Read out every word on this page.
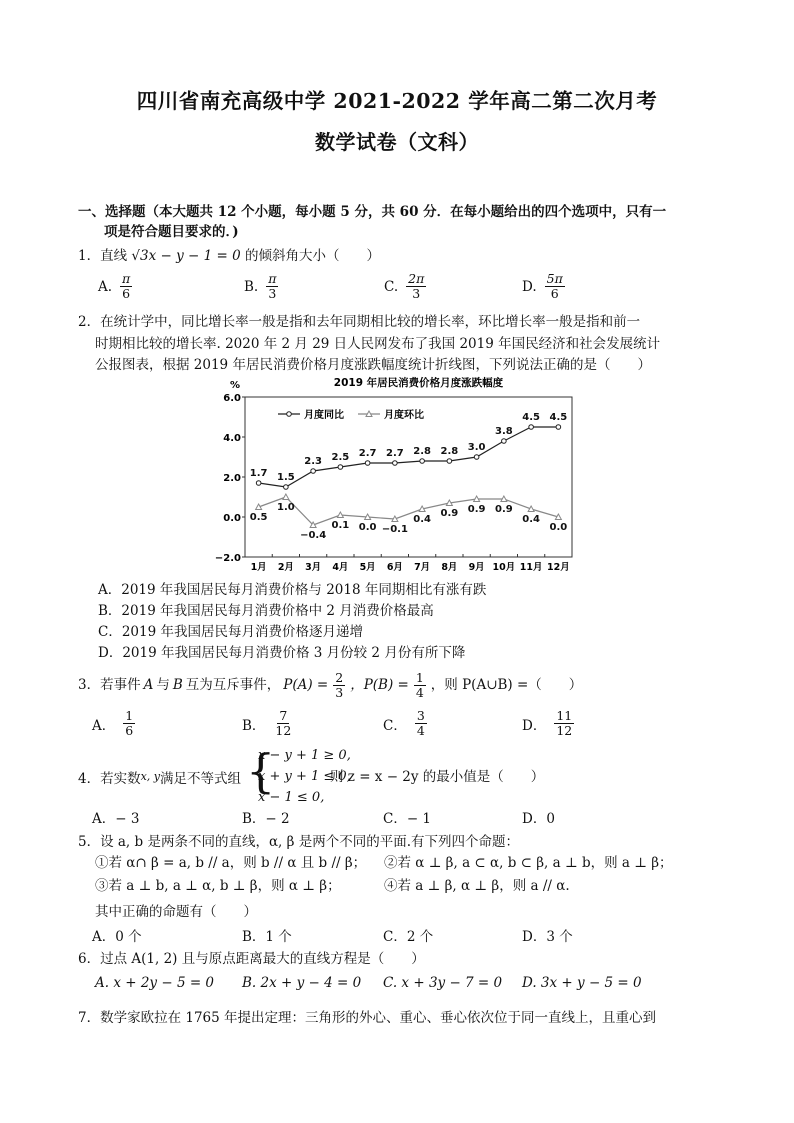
四川省南充高级中学 2021-2022 学年高二第二次月考
数学试卷（文科）
一、选择题（本大题共 12 个小题，每小题 5 分，共 60 分．在每小题给出的四个选项中，只有一
项是符合题目要求的．)
1．直线 √3x − y − 1 = 0 的倾斜角大小（　　）
A. $\frac{\pi}{6}$	B. $\frac{\pi}{3}$	C. $\frac{2\pi}{3}$	D. $\frac{5\pi}{6}$
2．在统计学中，同比增长率一般是指和去年同期相比较的增长率，环比增长率一般是指和前一
时期相比较的增长率. 2020 年 2 月 29 日人民网发布了我国 2019 年国民经济和社会发展统计
公报图表，根据 2019 年居民消费价格月度涨跌幅度统计折线图，下列说法正确的是（　　）
2019 年居民消费价格月度涨跌幅度
%
6.0
4.0
2.0
0.0
−2.0
1月 2月 3月 4月 5月 6月 7月 8月 9月 10月 11月 12月
1.7 1.5
2.3 2.5 2.7 2.7 2.8 2.8 3.0
3.8
4.5 4.5
0.5
1.0
−0.4
0.1 0.0 −0.1
0.4
0.9 0.9 0.9
0.4
0.0
月度同比	月度环比
A．2019 年我国居民每月消费价格与 2018 年同期相比有涨有跌
B．2019 年我国居民每月消费价格中 2 月消费价格最高
C．2019 年我国居民每月消费价格逐月递增
D．2019 年我国居民每月消费价格 3 月份较 2 月份有所下降
3．若事件 A 与 B 互为互斥事件， $P(A) = \frac{2}{3}$ ，$P(B) = \frac{1}{4}$ ，则 P(A∪B) =（　　）
A． $\frac{1}{6}$	B． $\frac{7}{12}$	C． $\frac{3}{4}$	D． $\frac{11}{12}$
4．若实数$^{x, y}$满足不等式组 {
x − y + 1 ≥ 0,
x + y + 1 ≤ 0,
x − 1 ≤ 0,
则 z = x − 2y 的最小值是（　　）
A．− 3	B．− 2	C．− 1	D．0
5．设 a, b 是两条不同的直线，α, β 是两个不同的平面.有下列四个命题：
①若 α∩ β = a, b // a，则 b // α 且 b // β； ②若 α ⊥ β, a ⊂ α, b ⊂ β, a ⊥ b，则 a ⊥ β；
③若 a ⊥ b, a ⊥ α, b ⊥ β，则 α ⊥ β；	④若 a ⊥ β, α ⊥ β，则 a // α.
其中正确的命题有（　　）
A．0 个	B．1 个	C．2 个	D．3 个
6．过点 A(1, 2) 且与原点距离最大的直线方程是（　　）
A. x + 2y − 5 = 0 B. 2x + y − 4 = 0 C. x + 3y − 7 = 0 D. 3x + y − 5 = 0
7．数学家欧拉在 1765 年提出定理：三角形的外心、重心、垂心依次位于同一直线上，且重心到
